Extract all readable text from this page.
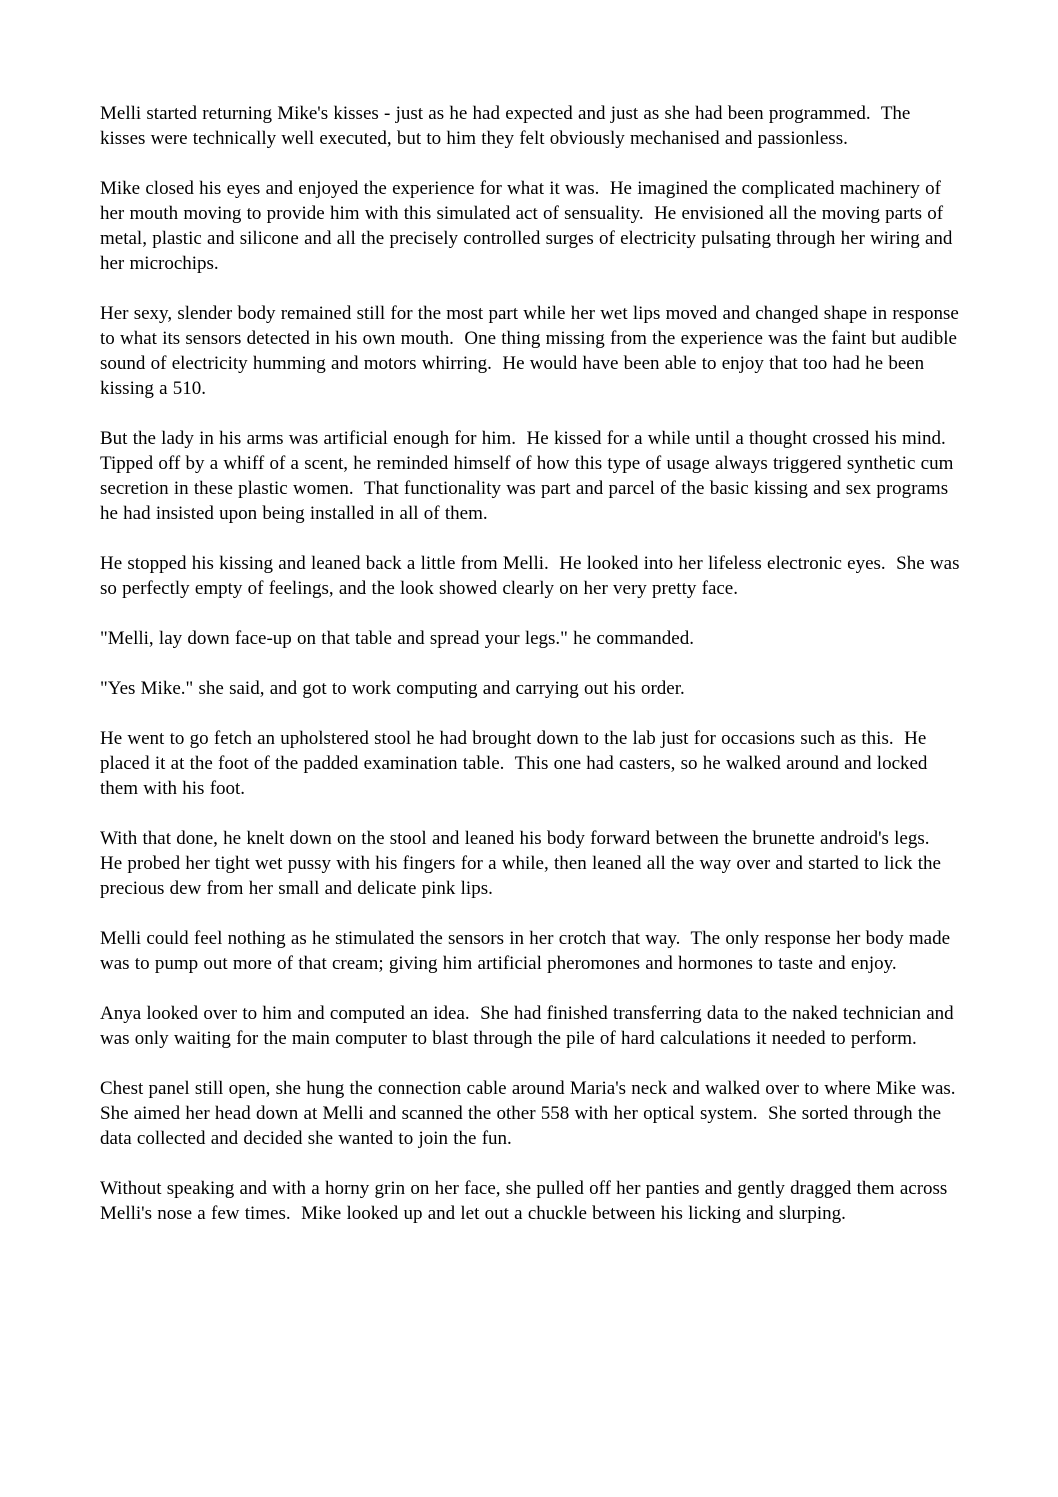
Melli started returning Mike's kisses - just as he had expected and just as she had been programmed.  The kisses were technically well executed, but to him they felt obviously mechanised and passionless.

Mike closed his eyes and enjoyed the experience for what it was.  He imagined the complicated machinery of her mouth moving to provide him with this simulated act of sensuality.  He envisioned all the moving parts of metal, plastic and silicone and all the precisely controlled surges of electricity pulsating through her wiring and her microchips.

Her sexy, slender body remained still for the most part while her wet lips moved and changed shape in response to what its sensors detected in his own mouth.  One thing missing from the experience was the faint but audible sound of electricity humming and motors whirring.  He would have been able to enjoy that too had he been kissing a 510.

But the lady in his arms was artificial enough for him.  He kissed for a while until a thought crossed his mind.  Tipped off by a whiff of a scent, he reminded himself of how this type of usage always triggered synthetic cum secretion in these plastic women.  That functionality was part and parcel of the basic kissing and sex programs he had insisted upon being installed in all of them.

He stopped his kissing and leaned back a little from Melli.  He looked into her lifeless electronic eyes.  She was so perfectly empty of feelings, and the look showed clearly on her very pretty face.

"Melli, lay down face-up on that table and spread your legs." he commanded.

"Yes Mike." she said, and got to work computing and carrying out his order.

He went to go fetch an upholstered stool he had brought down to the lab just for occasions such as this.  He placed it at the foot of the padded examination table.  This one had casters, so he walked around and locked them with his foot.

With that done, he knelt down on the stool and leaned his body forward between the brunette android's legs.  He probed her tight wet pussy with his fingers for a while, then leaned all the way over and started to lick the precious dew from her small and delicate pink lips.

Melli could feel nothing as he stimulated the sensors in her crotch that way.  The only response her body made was to pump out more of that cream; giving him artificial pheromones and hormones to taste and enjoy.

Anya looked over to him and computed an idea.  She had finished transferring data to the naked technician and was only waiting for the main computer to blast through the pile of hard calculations it needed to perform.

Chest panel still open, she hung the connection cable around Maria's neck and walked over to where Mike was.  She aimed her head down at Melli and scanned the other 558 with her optical system.  She sorted through the data collected and decided she wanted to join the fun.

Without speaking and with a horny grin on her face, she pulled off her panties and gently dragged them across Melli's nose a few times.  Mike looked up and let out a chuckle between his licking and slurping.
